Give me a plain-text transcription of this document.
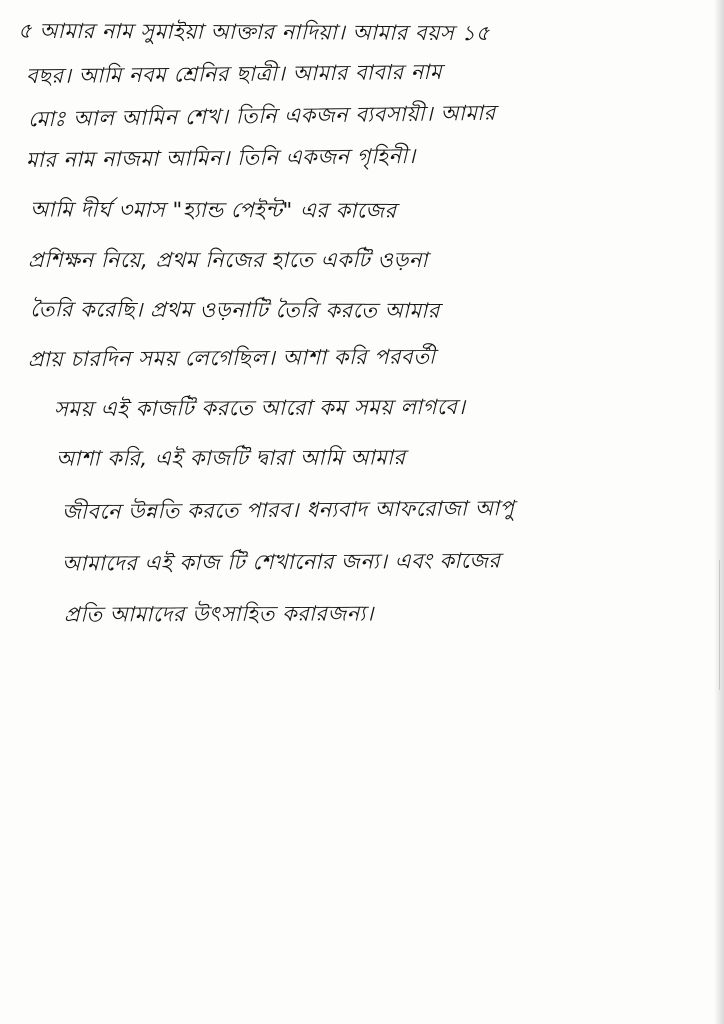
৫ আমার নাম সুমাইয়া আক্তার নাদিয়া। আমার বয়স ১৫
বছর। আমি নবম শ্রেনির ছাত্রী। আমার বাবার নাম
মোঃ আল আমিন শেখ। তিনি একজন ব্যবসায়ী। আমার
মার নাম নাজমা আমিন। তিনি একজন গৃহিনী।
আমি দীর্ঘ ৩মাস "হ্যান্ড পেইন্ট" এর কাজের
প্রশিক্ষন নিয়ে, প্রথম নিজের হাতে একটি ওড়না
তৈরি করেছি। প্রথম ওড়নাটি তৈরি করতে আমার
প্রায় চারদিন সময় লেগেছিল। আশা করি পরবর্তী
সময় এই কাজটি করতে আরো কম সময় লাগবে।
আশা করি, এই কাজটি দ্বারা আমি আমার
জীবনে উন্নতি করতে পারব। ধন্যবাদ আফরোজা আপু
আমাদের এই কাজ টি শেখানোর জন্য। এবং কাজের
প্রতি আমাদের উৎসাহিত করারজন্য।
